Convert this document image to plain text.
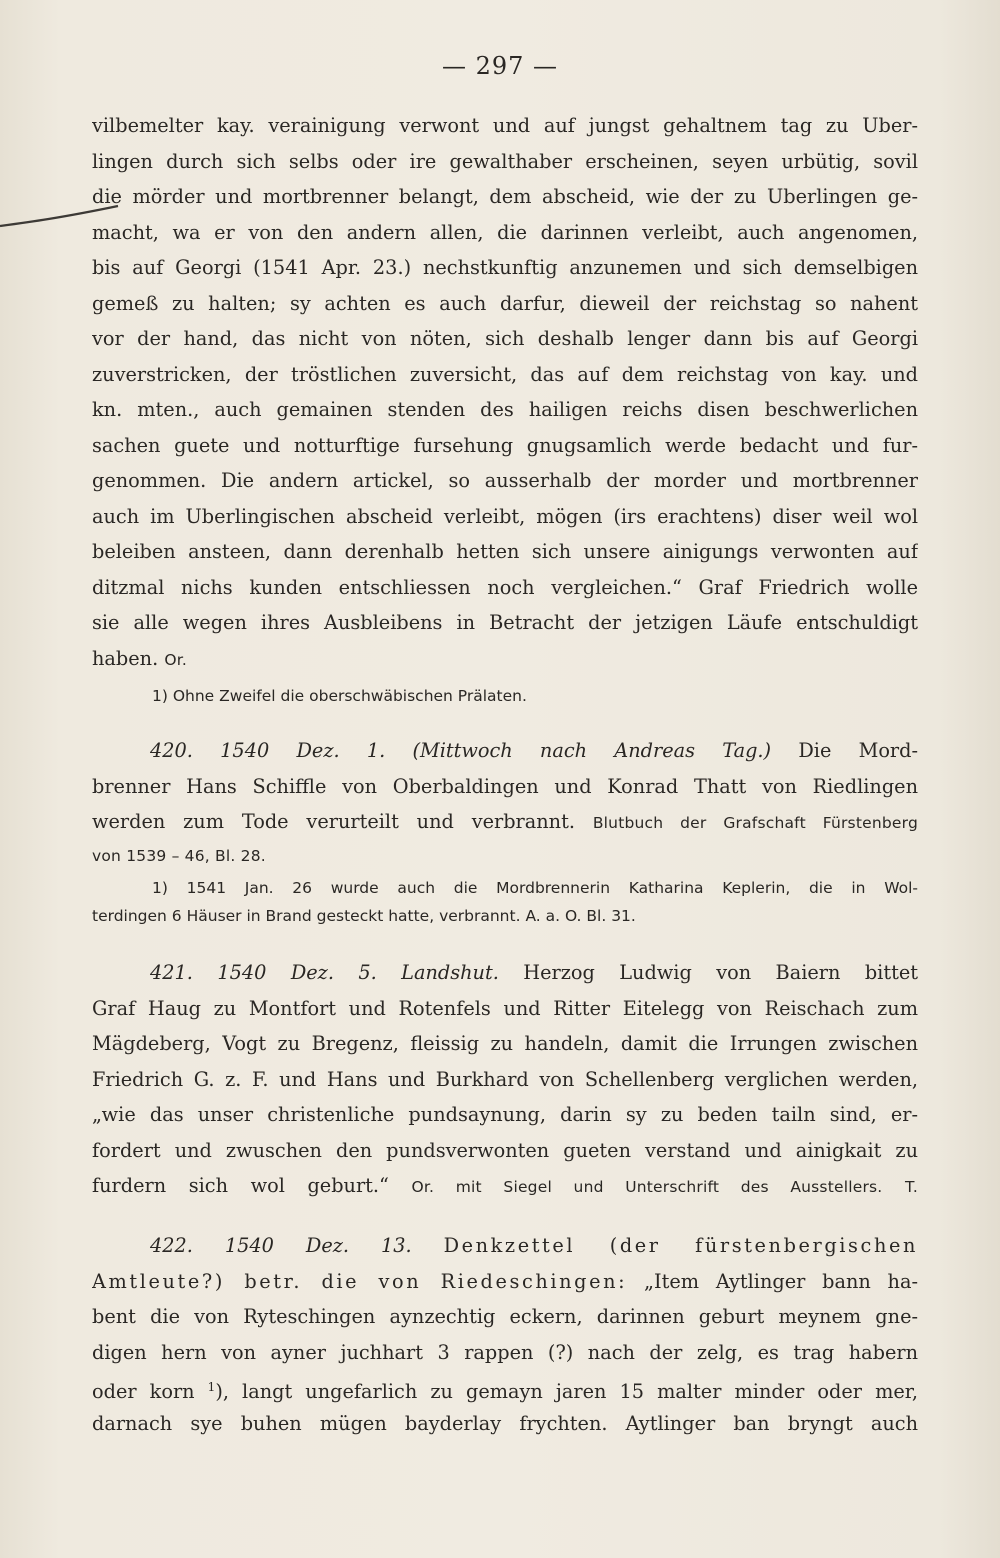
— 297 —
vilbemelter kay. verainigung verwont und auf jungst gehaltnem tag zu Uber-
lingen durch sich selbs oder ire gewalthaber erscheinen, seyen urbütig, sovil
die mörder und mortbrenner belangt, dem abscheid, wie der zu Uberlingen ge-
macht, wa er von den andern allen, die darinnen verleibt, auch angenomen,
bis auf Georgi (1541 Apr. 23.) nechstkunftig anzunemen und sich demselbigen
gemeß zu halten; sy achten es auch darfur, dieweil der reichstag so nahent
vor der hand, das nicht von nöten, sich deshalb lenger dann bis auf Georgi
zuverstricken, der tröstlichen zuversicht, das auf dem reichstag von kay. und
kn. mten., auch gemainen stenden des hailigen reichs disen beschwerlichen
sachen guete und notturftige fursehung gnugsamlich werde bedacht und fur-
genommen. Die andern artickel, so ausserhalb der morder und mortbrenner
auch im Uberlingischen abscheid verleibt, mögen (irs erachtens) diser weil wol
beleiben ansteen, dann derenhalb hetten sich unsere ainigungs verwonten auf
ditzmal nichs kunden entschliessen noch vergleichen.“ Graf Friedrich wolle
sie alle wegen ihres Ausbleibens in Betracht der jetzigen Läufe entschuldigt
haben. Or.
1) Ohne Zweifel die oberschwäbischen Prälaten.
420. 1540 Dez. 1. (Mittwoch nach Andreas Tag.) Die Mord-
brenner Hans Schiffle von Oberbaldingen und Konrad Thatt von Riedlingen
werden zum Tode verurteilt und verbrannt. Blutbuch der Grafschaft Fürstenberg
von 1539 – 46, Bl. 28.
1) 1541 Jan. 26 wurde auch die Mordbrennerin Katharina Keplerin, die in Wol-
terdingen 6 Häuser in Brand gesteckt hatte, verbrannt. A. a. O. Bl. 31.
421. 1540 Dez. 5. Landshut. Herzog Ludwig von Baiern bittet
Graf Haug zu Montfort und Rotenfels und Ritter Eitelegg von Reischach zum
Mägdeberg, Vogt zu Bregenz, fleissig zu handeln, damit die Irrungen zwischen
Friedrich G. z. F. und Hans und Burkhard von Schellenberg verglichen werden,
„wie das unser christenliche pundsaynung, darin sy zu beden tailn sind, er-
fordert und zwuschen den pundsverwonten gueten verstand und ainigkait zu
furdern sich wol geburt.“ Or. mit Siegel und Unterschrift des Ausstellers. T.
422. 1540 Dez. 13. Denkzettel (der fürstenbergischen
Amtleute?) betr. die von Riedeschingen: „Item Aytlinger bann ha-
bent die von Ryteschingen aynzechtig eckern, darinnen geburt meynem gne-
digen hern von ayner juchhart 3 rappen (?) nach der zelg, es trag habern
oder korn $^1$), langt ungefarlich zu gemayn jaren 15 malter minder oder mer,
darnach sye buhen mügen bayderlay frychten. Aytlinger ban bryngt auch
